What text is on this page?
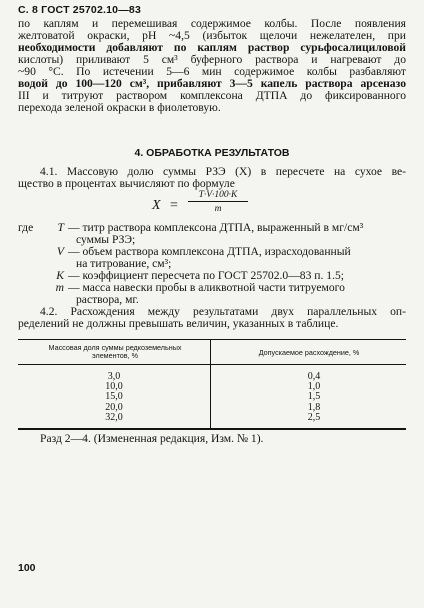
С. 8 ГОСТ 25702.10—83
по каплям и перемешивая содержимое колбы. После появления
желтоватой окраски, pH ~4,5 (избыток щелочи нежелателен, при
необходимости добавляют по каплям раствор сурьфосалициловой
кислоты) приливают 5 см³ буферного раствора и нагревают до
~90 °С. По истечении 5—6 мин содержимое колбы разбавляют
водой до 100—120 см³, прибавляют 3—5 капель раствора арсеназо
III и титруют раствором комплексона ДТПА до фиксированного
перехода зеленой окраски в фиолетовую.
4. ОБРАБОТКА РЕЗУЛЬТАТОВ
4.1. Массовую долю суммы РЗЭ (X) в пересчете на сухое ве-
щество в процентах вычисляют по формуле
$X = \frac{T\cdot V\cdot 100\cdot K}{m}$
где	T — титр раствора комплексона ДТПА, выраженный в мг/см³
суммы РЗЭ;
V — объем раствора комплексона ДТПА, израсходованный
на титрование, см³;
K — коэффициент пересчета по ГОСТ 25702.0—83 п. 1.5;
m — масса навески пробы в аликвотной части титруемого
раствора, мг.
4.2. Расхождения между результатами двух параллельных оп-
ределений не должны превышать величин, указанных в таблице.
Массовая доля суммы редкоземельных
элементов, %	Допускаемое расхождение, %
3,0
10,0
15,0
20,0
32,0
0,4
1,0
1,5
1,8
2,5
Разд 2—4. (Измененная редакция, Изм. № 1).
100
